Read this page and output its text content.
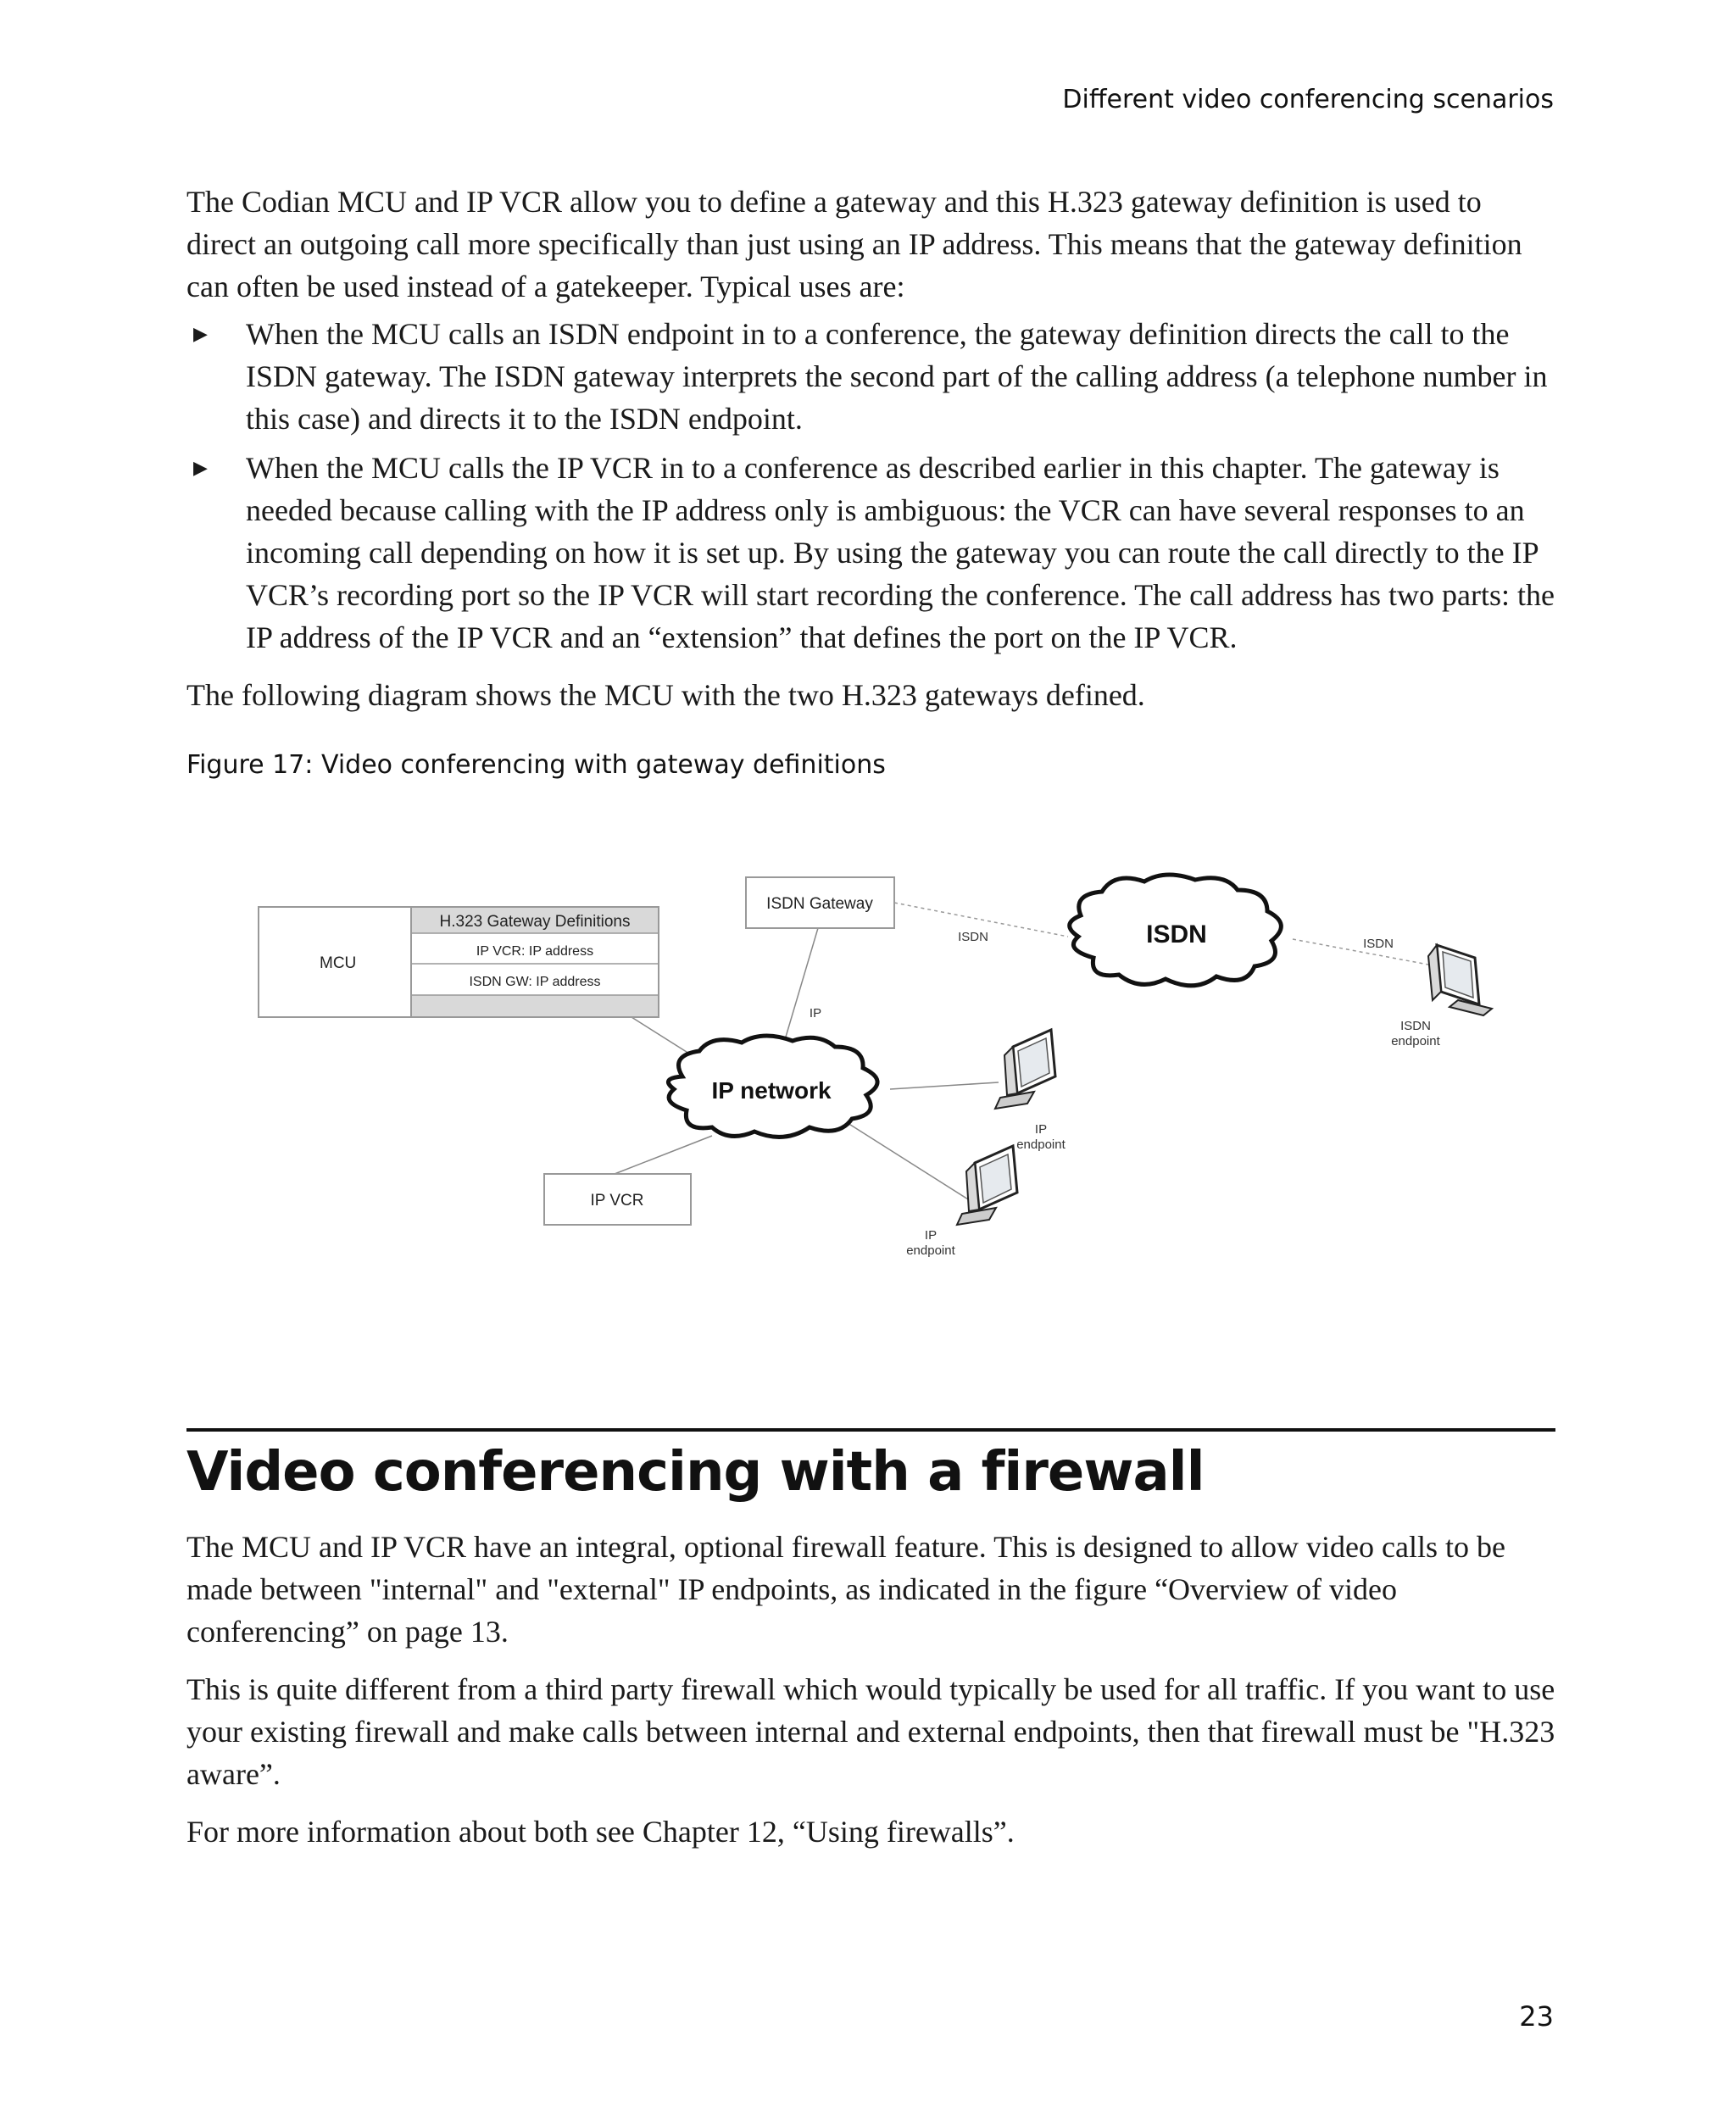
Different video conferencing scenarios

The Codian MCU and IP VCR allow you to define a gateway and this H.323 gateway definition is used to direct an outgoing call more specifically than just using an IP address. This means that the gateway definition can often be used instead of a gatekeeper. Typical uses are:

▶ When the MCU calls an ISDN endpoint in to a conference, the gateway definition directs the call to the ISDN gateway. The ISDN gateway interprets the second part of the calling address (a telephone number in this case) and directs it to the ISDN endpoint.
▶ When the MCU calls the IP VCR in to a conference as described earlier in this chapter. The gateway is needed because calling with the IP address only is ambiguous: the VCR can have several responses to an incoming call depending on how it is set up. By using the gateway you can route the call directly to the IP VCR’s recording port so the IP VCR will start recording the conference. The call address has two parts: the IP address of the IP VCR and an “extension” that defines the port on the IP VCR.

The following diagram shows the MCU with the two H.323 gateways defined.

Figure 17: Video conferencing with gateway definitions
MCU
H.323 Gateway Definitions
IP VCR: IP address
ISDN GW: IP address
ISDN Gateway
ISDN
IP network
IP VCR
ISDN	ISDN
IP
ISDN
endpoint
IP
endpoint
IP
endpoint
Video conferencing with a firewall

The MCU and IP VCR have an integral, optional firewall feature. This is designed to allow video calls to be made between "internal" and "external" IP endpoints, as indicated in the figure “Overview of video conferencing” on page 13.

This is quite different from a third party firewall which would typically be used for all traffic. If you want to use your existing firewall and make calls between internal and external endpoints, then that firewall must be "H.323 aware”.

For more information about both see Chapter 12, “Using firewalls”.

23
